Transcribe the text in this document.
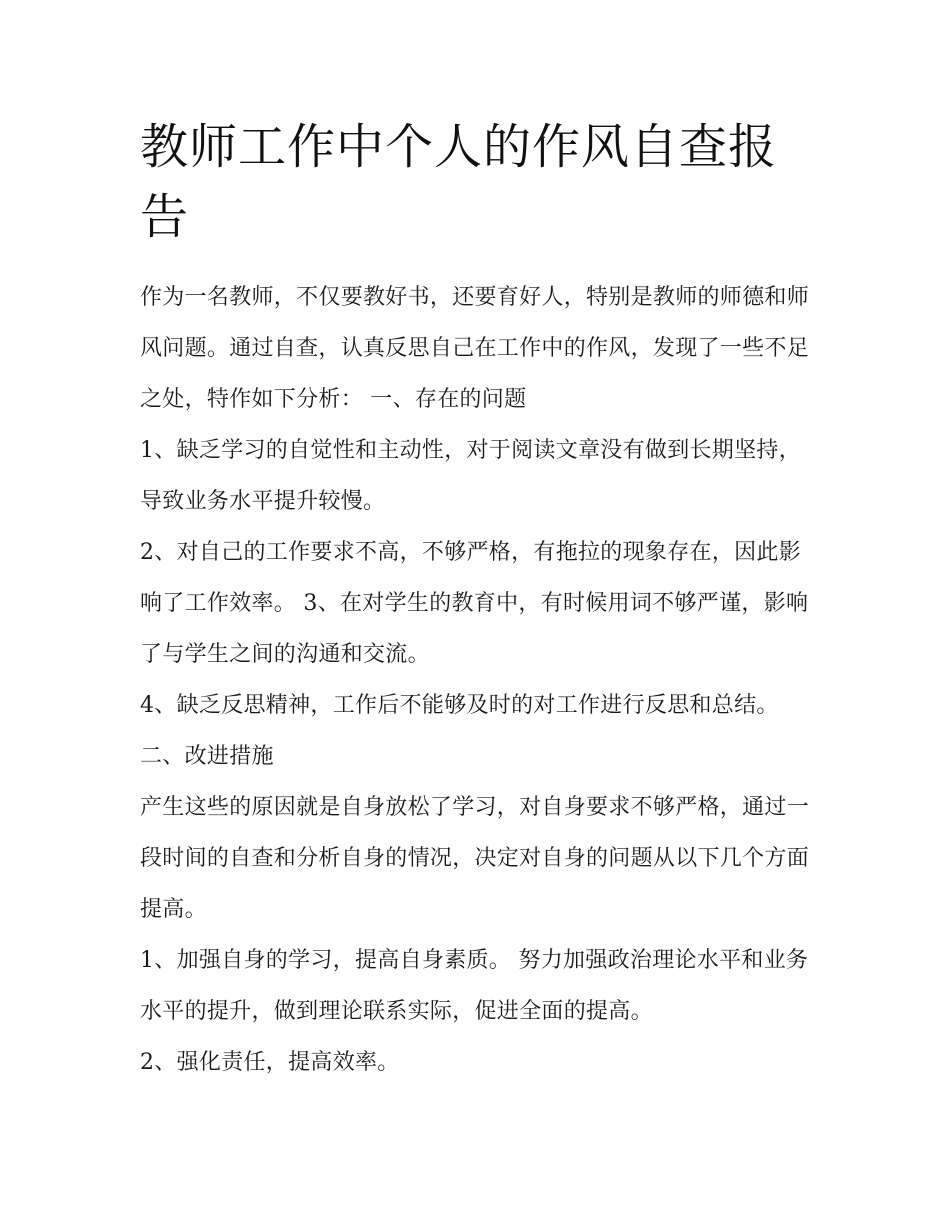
教师工作中个人的作风自查报告

作为一名教师，不仅要教好书，还要育好人，特别是教师的师德和师风问题。通过自查，认真反思自己在工作中的作风，发现了一些不足之处，特作如下分析： 一、存在的问题

1、缺乏学习的自觉性和主动性，对于阅读文章没有做到长期坚持，导致业务水平提升较慢。

2、对自己的工作要求不高，不够严格，有拖拉的现象存在，因此影响了工作效率。 3、在对学生的教育中，有时候用词不够严谨，影响了与学生之间的沟通和交流。

4、缺乏反思精神，工作后不能够及时的对工作进行反思和总结。 二、改进措施

产生这些的原因就是自身放松了学习，对自身要求不够严格，通过一段时间的自查和分析自身的情况，决定对自身的问题从以下几个方面提高。

1、加强自身的学习，提高自身素质。 努力加强政治理论水平和业务水平的提升，做到理论联系实际，促进全面的提高。

2、强化责任，提高效率。
